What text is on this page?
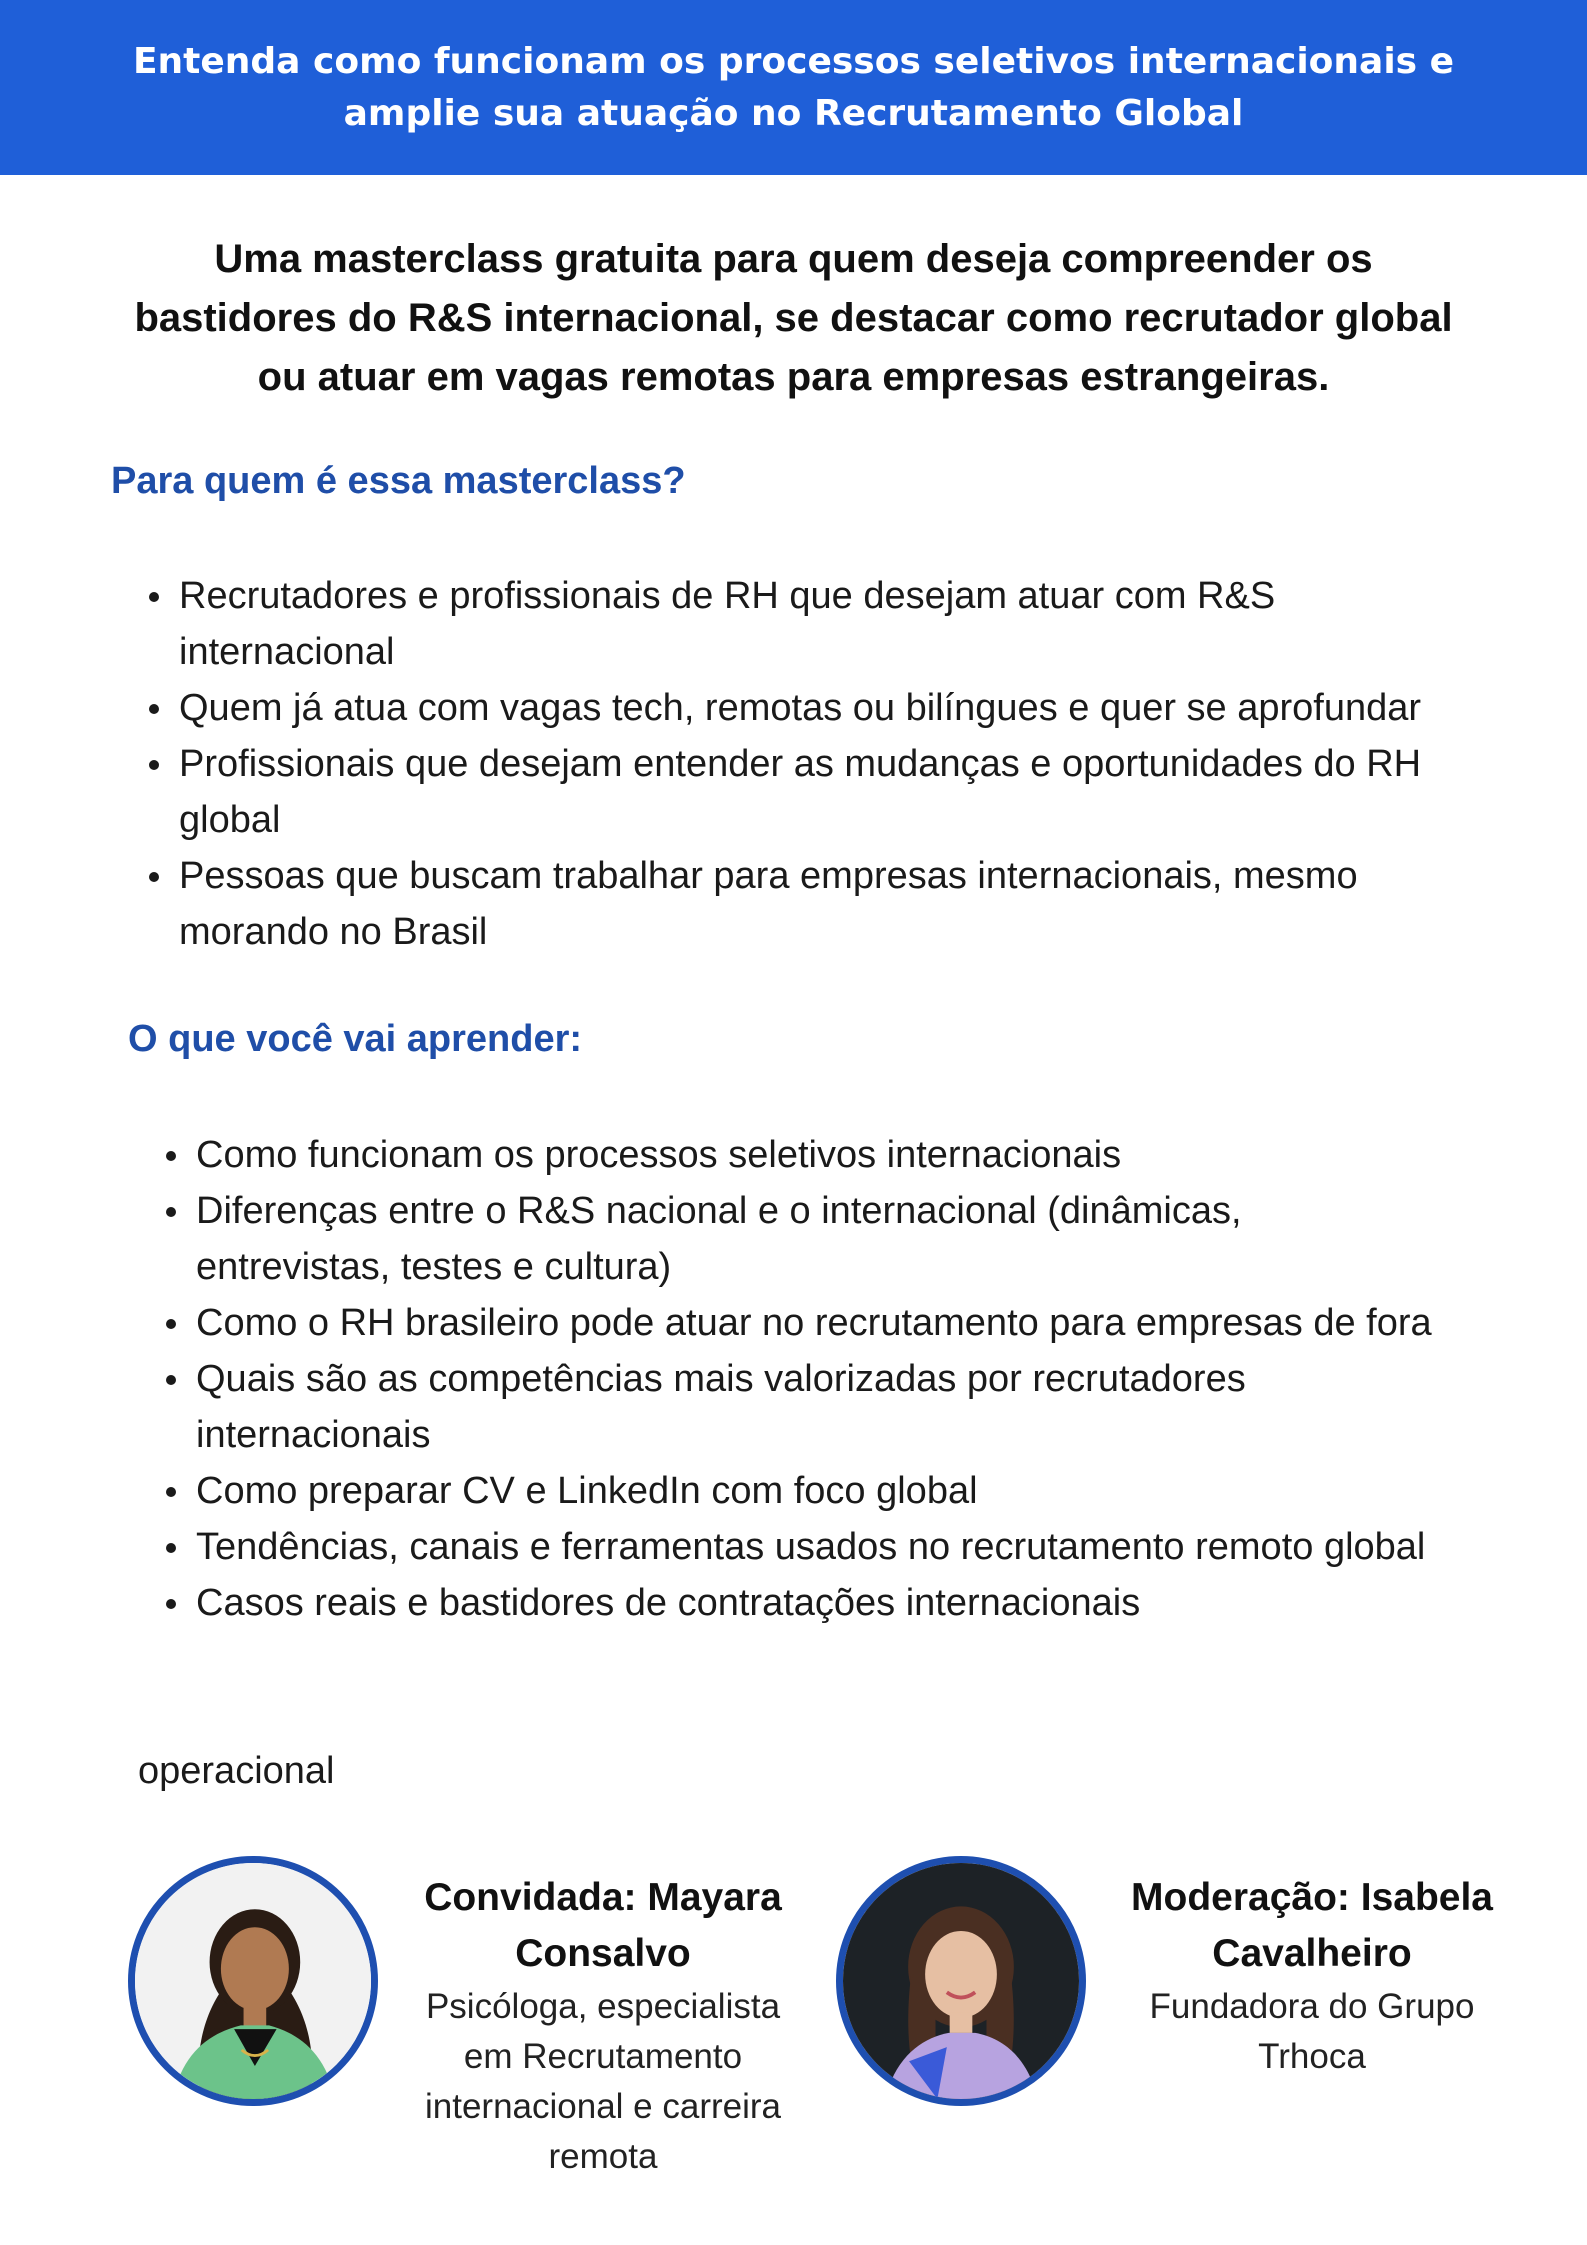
Entenda como funcionam os processos seletivos internacionais e
amplie sua atuação no Recrutamento Global
Uma masterclass gratuita para quem deseja compreender os
bastidores do R&S internacional, se destacar como recrutador global
ou atuar em vagas remotas para empresas estrangeiras.
Para quem é essa masterclass?
Recrutadores e profissionais de RH que desejam atuar com R&S internacional
Quem já atua com vagas tech, remotas ou bilíngues e quer se aprofundar
Profissionais que desejam entender as mudanças e oportunidades do RH global
Pessoas que buscam trabalhar para empresas internacionais, mesmo morando no Brasil
O que você vai aprender:
Como funcionam os processos seletivos internacionais
Diferenças entre o R&S nacional e o internacional (dinâmicas, entrevistas, testes e cultura)
Como o RH brasileiro pode atuar no recrutamento para empresas de fora
Quais são as competências mais valorizadas por recrutadores internacionais
Como preparar CV e LinkedIn com foco global
Tendências, canais e ferramentas usados no recrutamento remoto global
Casos reais e bastidores de contratações internacionais
operacional
Convidada: Mayara
Consalvo
Psicóloga, especialista
em Recrutamento
internacional e carreira
remota
Moderação: Isabela
Cavalheiro
Fundadora do Grupo
Trhoca
